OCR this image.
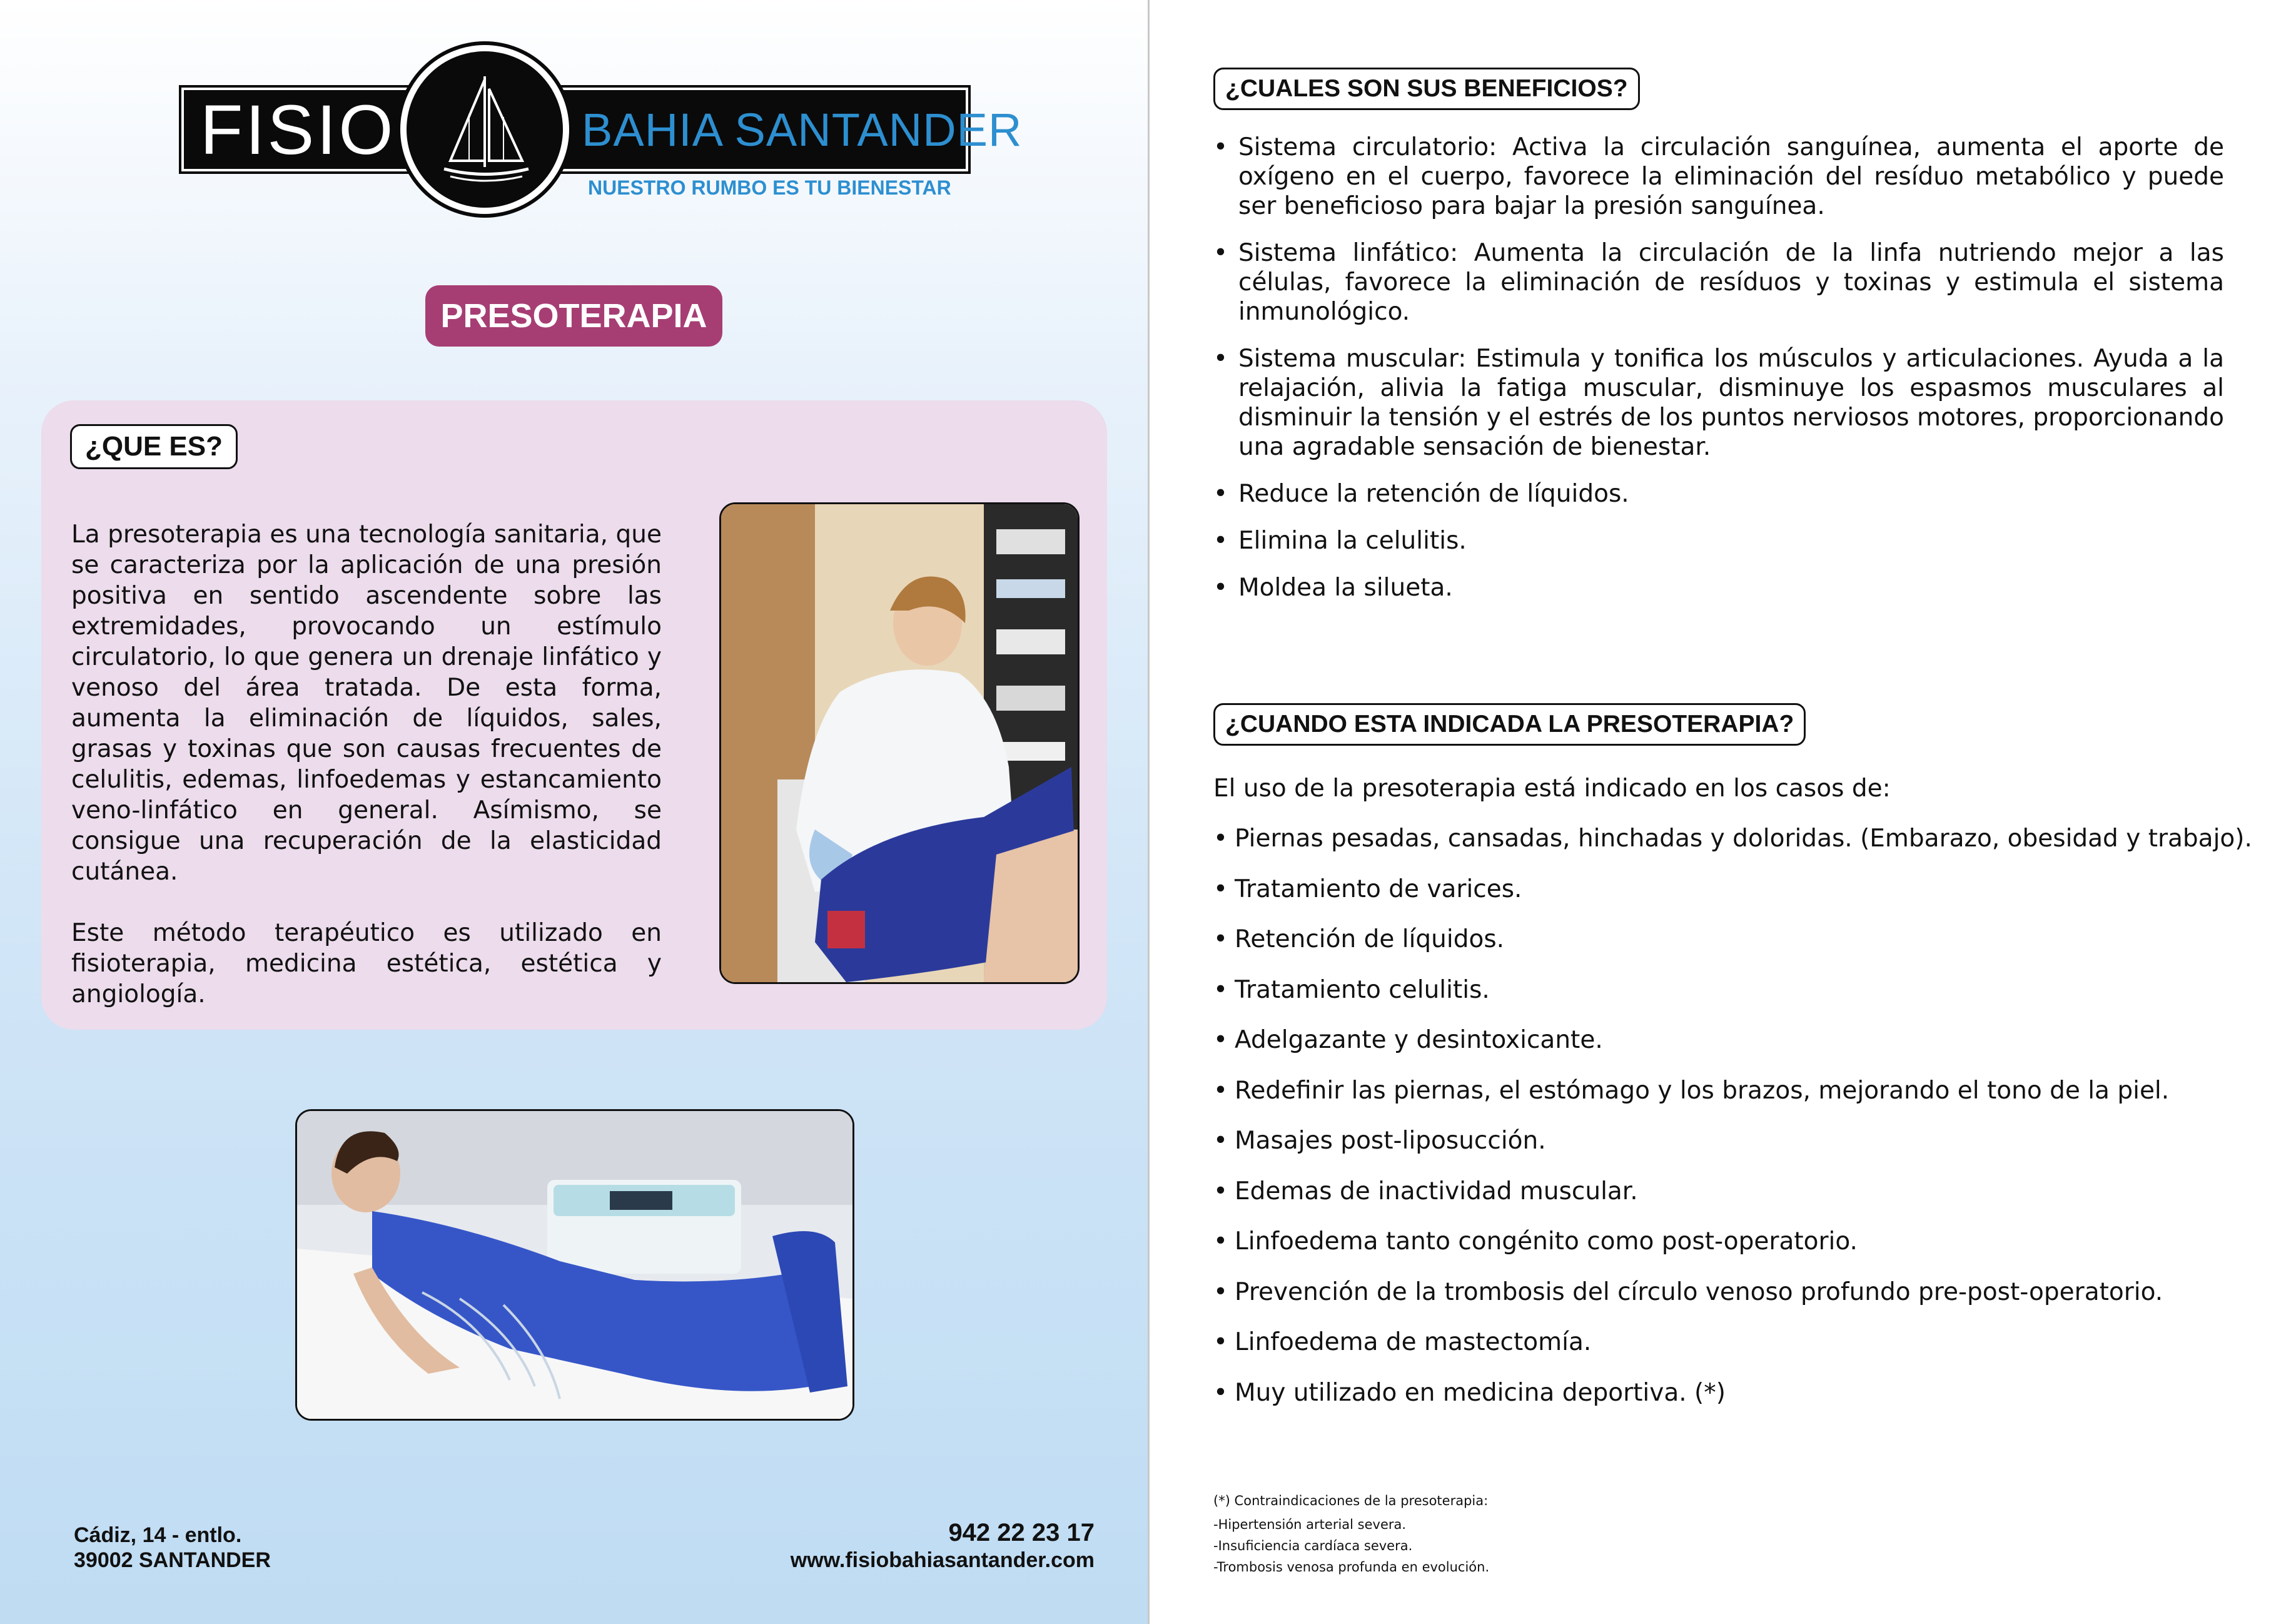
FISIO	BAHIA SANTANDER
NUESTRO RUMBO ES TU BIENESTAR
PRESOTERAPIA
¿QUE ES?

La presoterapia es una tecnología sanitaria, que se caracteriza por la aplicación de una presión positiva en sentido ascendente sobre las extremidades, provocando un estímulo circulatorio, lo que genera un drenaje linfático y venoso del área tratada. De esta forma, aumenta la eliminación de líquidos, sales, grasas y toxinas que son causas frecuentes de celulitis, edemas, linfoedemas y estancamiento veno-linfático en general. Asímismo, se consigue una recuperación de la elasticidad cutánea.

Este método terapéutico es utilizado en fisioterapia, medicina estética, estética y angiología.

Cádiz, 14 - entlo.
39002 SANTANDER
942 22 23 17
www.fisiobahiasantander.com
¿CUALES SON SUS BENEFICIOS?
• Sistema circulatorio: Activa la circulación sanguínea, aumenta el aporte de oxígeno en el cuerpo, favorece la eliminación del resíduo metabólico y puede ser beneficioso para bajar la presión sanguínea.
• Sistema linfático: Aumenta la circulación de la linfa nutriendo mejor a las células, favorece la eliminación de resíduos y toxinas y estimula el sistema inmunológico.
• Sistema muscular: Estimula y tonifica los músculos y articulaciones. Ayuda a la relajación, alivia la fatiga muscular, disminuye los espasmos musculares al disminuir la tensión y el estrés de los puntos nerviosos motores, proporcionando una agradable sensación de bienestar.
• Reduce la retención de líquidos.
• Elimina la celulitis.
• Moldea la silueta.
¿CUANDO ESTA INDICADA LA PRESOTERAPIA?
El uso de la presoterapia está indicado en los casos de:
• Piernas pesadas, cansadas, hinchadas y doloridas. (Embarazo, obesidad y trabajo).
• Tratamiento de varices.
• Retención de líquidos.
• Tratamiento celulitis.
• Adelgazante y desintoxicante.
• Redefinir las piernas, el estómago y los brazos, mejorando el tono de la piel.
• Masajes post-liposucción.
• Edemas de inactividad muscular.
• Linfoedema tanto congénito como post-operatorio.
• Prevención de la trombosis del círculo venoso profundo pre-post-operatorio.
• Linfoedema de mastectomía.
• Muy utilizado en medicina deportiva. (*)
(*) Contraindicaciones de la presoterapia:
-Hipertensión arterial severa.
-Insuficiencia cardíaca severa.
-Trombosis venosa profunda en evolución.
